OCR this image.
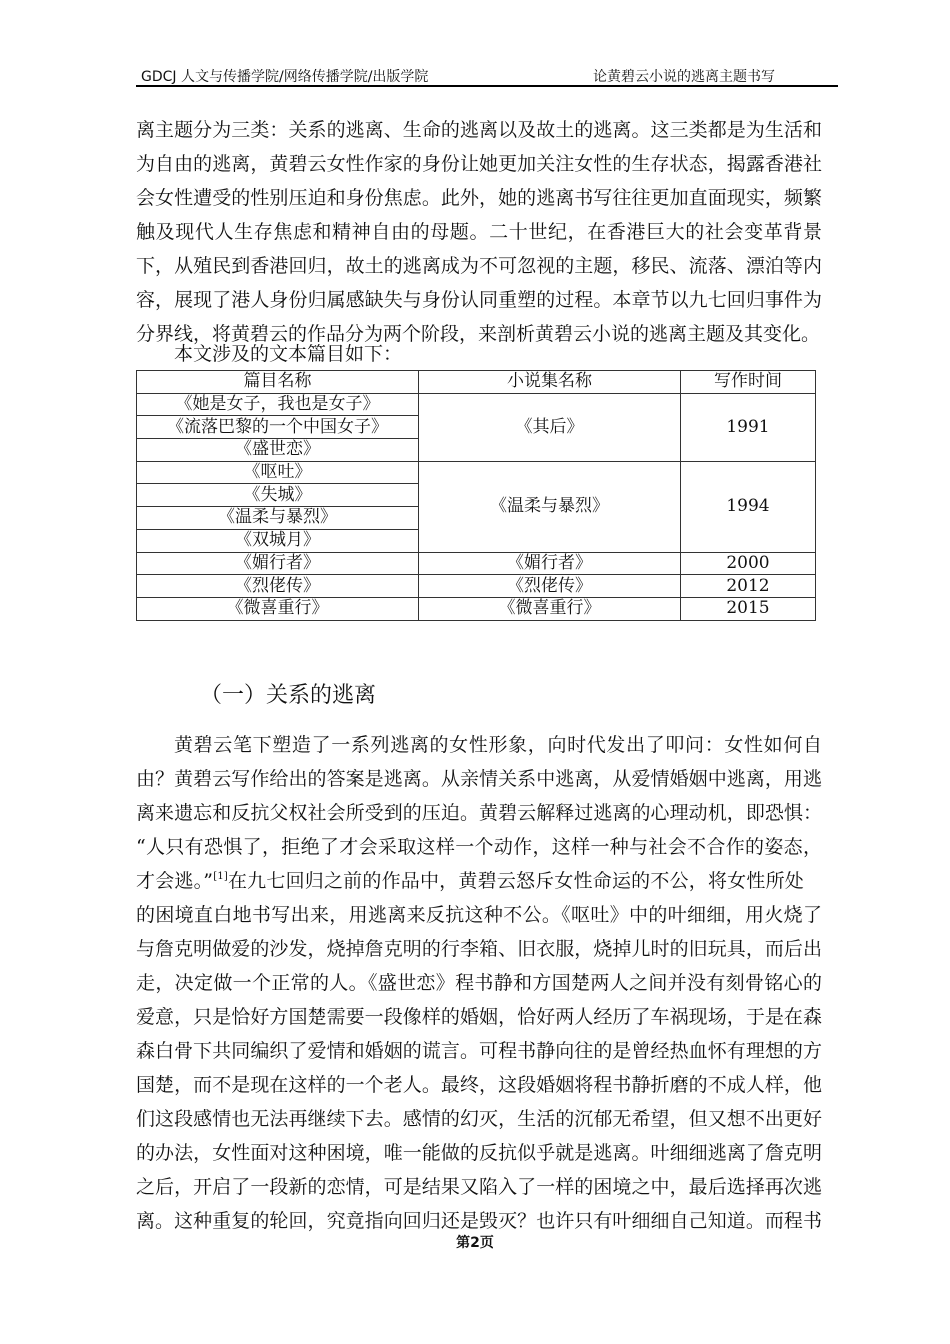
GDCJ 人文与传播学院/网络传播学院/出版学院	论黄碧云小说的逃离主题书写
离主题分为三类：关系的逃离、生命的逃离以及故土的逃离。这三类都是为生活和
为自由的逃离，黄碧云女性作家的身份让她更加关注女性的生存状态，揭露香港社
会女性遭受的性别压迫和身份焦虑。此外，她的逃离书写往往更加直面现实，频繁
触及现代人生存焦虑和精神自由的母题。二十世纪，在香港巨大的社会变革背景
下，从殖民到香港回归，故土的逃离成为不可忽视的主题，移民、流落、漂泊等内
容，展现了港人身份归属感缺失与身份认同重塑的过程。本章节以九七回归事件为
分界线，将黄碧云的作品分为两个阶段，来剖析黄碧云小说的逃离主题及其变化。
本文涉及的文本篇目如下：
篇目名称	小说集名称	写作时间
《她是女子，我也是女子》	《其后》	1991
《流落巴黎的一个中国女子》		
《盛世恋》		
《呕吐》	《温柔与暴烈》	1994
《失城》		
《温柔与暴烈》		
《双城月》		
《媚行者》	《媚行者》	2000
《烈佬传》	《烈佬传》	2012
《微喜重行》	《微喜重行》	2015
（一）关系的逃离
黄碧云笔下塑造了一系列逃离的女性形象，向时代发出了叩问：女性如何自
由？黄碧云写作给出的答案是逃离。从亲情关系中逃离，从爱情婚姻中逃离，用逃
离来遗忘和反抗父权社会所受到的压迫。黄碧云解释过逃离的心理动机，即恐惧：
“人只有恐惧了，拒绝了才会采取这样一个动作，这样一种与社会不合作的姿态，
才会逃。”[1]在九七回归之前的作品中，黄碧云怒斥女性命运的不公，将女性所处
的困境直白地书写出来，用逃离来反抗这种不公。《呕吐》中的叶细细，用火烧了
与詹克明做爱的沙发，烧掉詹克明的行李箱、旧衣服，烧掉儿时的旧玩具，而后出
走，决定做一个正常的人。《盛世恋》程书静和方国楚两人之间并没有刻骨铭心的
爱意，只是恰好方国楚需要一段像样的婚姻，恰好两人经历了车祸现场，于是在森
森白骨下共同编织了爱情和婚姻的谎言。可程书静向往的是曾经热血怀有理想的方
国楚，而不是现在这样的一个老人。最终，这段婚姻将程书静折磨的不成人样，他
们这段感情也无法再继续下去。感情的幻灭，生活的沉郁无希望，但又想不出更好
的办法，女性面对这种困境，唯一能做的反抗似乎就是逃离。叶细细逃离了詹克明
之后，开启了一段新的恋情，可是结果又陷入了一样的困境之中，最后选择再次逃
离。这种重复的轮回，究竟指向回归还是毁灭？也许只有叶细细自己知道。而程书
第2页
